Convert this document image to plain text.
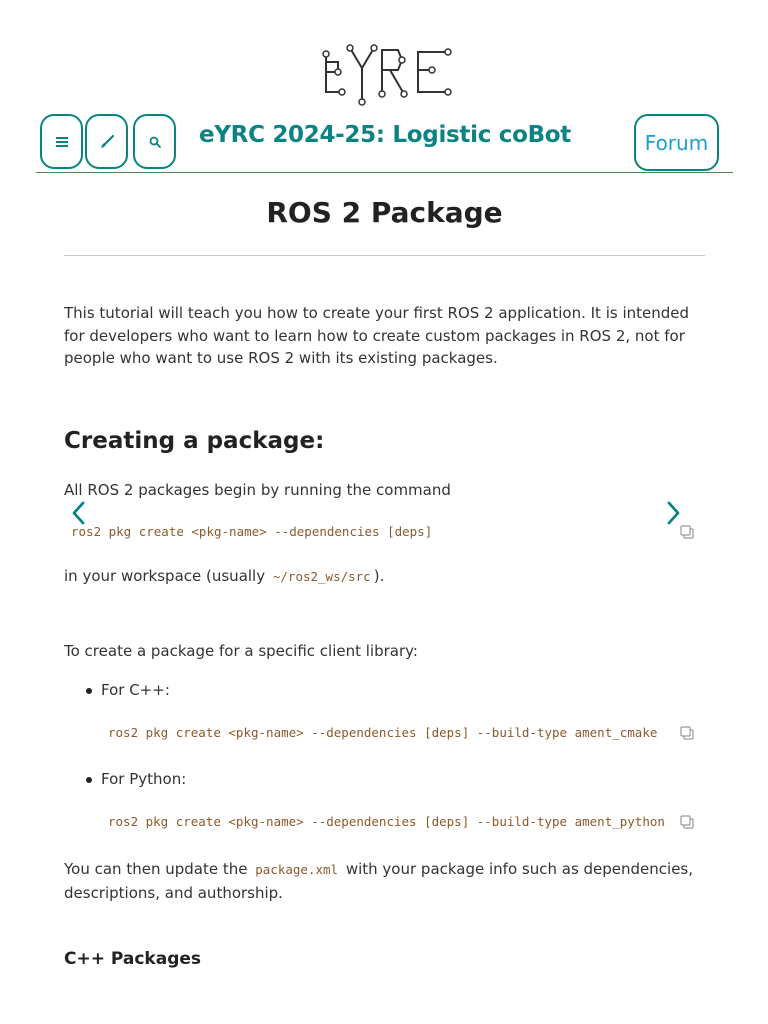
eYRC 2024-25: Logistic coBot	Forum
ROS 2 Package
This tutorial will teach you how to create your first ROS 2 application. It is intended for developers who want to learn how to create custom packages in ROS 2, not for people who want to use ROS 2 with its existing packages.
Creating a package:
All ROS 2 packages begin by running the command
ros2 pkg create <pkg-name> --dependencies [deps]
in your workspace (usually ~/ros2_ws/src ).
To create a package for a specific client library:
For C++:
ros2 pkg create <pkg-name> --dependencies [deps] --build-type ament_cmake
For Python:
ros2 pkg create <pkg-name> --dependencies [deps] --build-type ament_python
You can then update the package.xml with your package info such as dependencies, descriptions, and authorship.
C++ Packages
